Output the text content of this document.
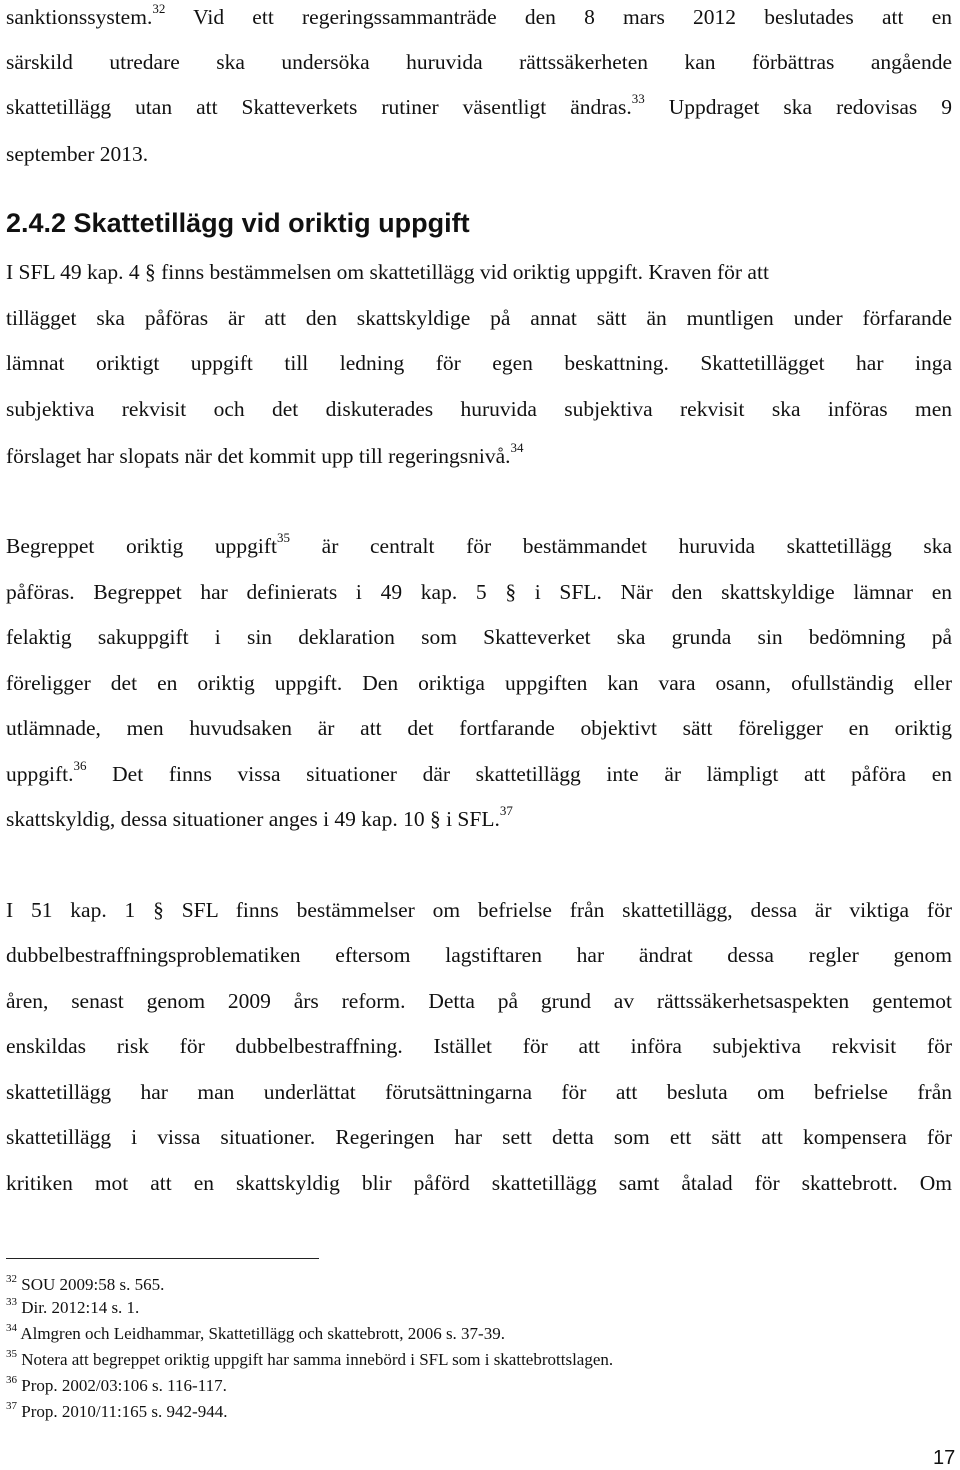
sanktionssystem.$^{32}$ Vid ett regeringssammanträde den 8 mars 2012 beslutades att en
särskild utredare ska undersöka huruvida rättssäkerheten kan förbättras angående
skattetillägg utan att Skatteverkets rutiner väsentligt ändras.$^{33}$ Uppdraget ska redovisas 9
september 2013.
2.4.2 Skattetillägg vid oriktig uppgift
I SFL 49 kap. 4 § finns bestämmelsen om skattetillägg vid oriktig uppgift. Kraven för att
tillägget ska påföras är att den skattskyldige på annat sätt än muntligen under förfarande
lämnat oriktigt uppgift till ledning för egen beskattning. Skattetillägget har inga
subjektiva rekvisit och det diskuterades huruvida subjektiva rekvisit ska införas men
förslaget har slopats när det kommit upp till regeringsnivå.$^{34}$
Begreppet oriktig uppgift$^{35}$ är centralt för bestämmandet huruvida skattetillägg ska
påföras. Begreppet har definierats i 49 kap. 5 § i SFL. När den skattskyldige lämnar en
felaktig sakuppgift i sin deklaration som Skatteverket ska grunda sin bedömning på
föreligger det en oriktig uppgift. Den oriktiga uppgiften kan vara osann, ofullständig eller
utlämnade, men huvudsaken är att det fortfarande objektivt sätt föreligger en oriktig
uppgift.$^{36}$ Det finns vissa situationer där skattetillägg inte är lämpligt att påföra en
skattskyldig, dessa situationer anges i 49 kap. 10 § i SFL.$^{37}$
I 51 kap. 1 § SFL finns bestämmelser om befrielse från skattetillägg, dessa är viktiga för
dubbelbestraffningsproblematiken eftersom lagstiftaren har ändrat dessa regler genom
åren, senast genom 2009 års reform. Detta på grund av rättssäkerhetsaspekten gentemot
enskildas risk för dubbelbestraffning. Istället för att införa subjektiva rekvisit för
skattetillägg har man underlättat förutsättningarna för att besluta om befrielse från
skattetillägg i vissa situationer. Regeringen har sett detta som ett sätt att kompensera för
kritiken mot att en skattskyldig blir påförd skattetillägg samt åtalad för skattebrott. Om
$^{32}$ SOU 2009:58 s. 565.
$^{33}$ Dir. 2012:14 s. 1.
$^{34}$ Almgren och Leidhammar, Skattetillägg och skattebrott, 2006 s. 37-39.
$^{35}$ Notera att begreppet oriktig uppgift har samma innebörd i SFL som i skattebrottslagen.
$^{36}$ Prop. 2002/03:106 s. 116-117.
$^{37}$ Prop. 2010/11:165 s. 942-944.
17
